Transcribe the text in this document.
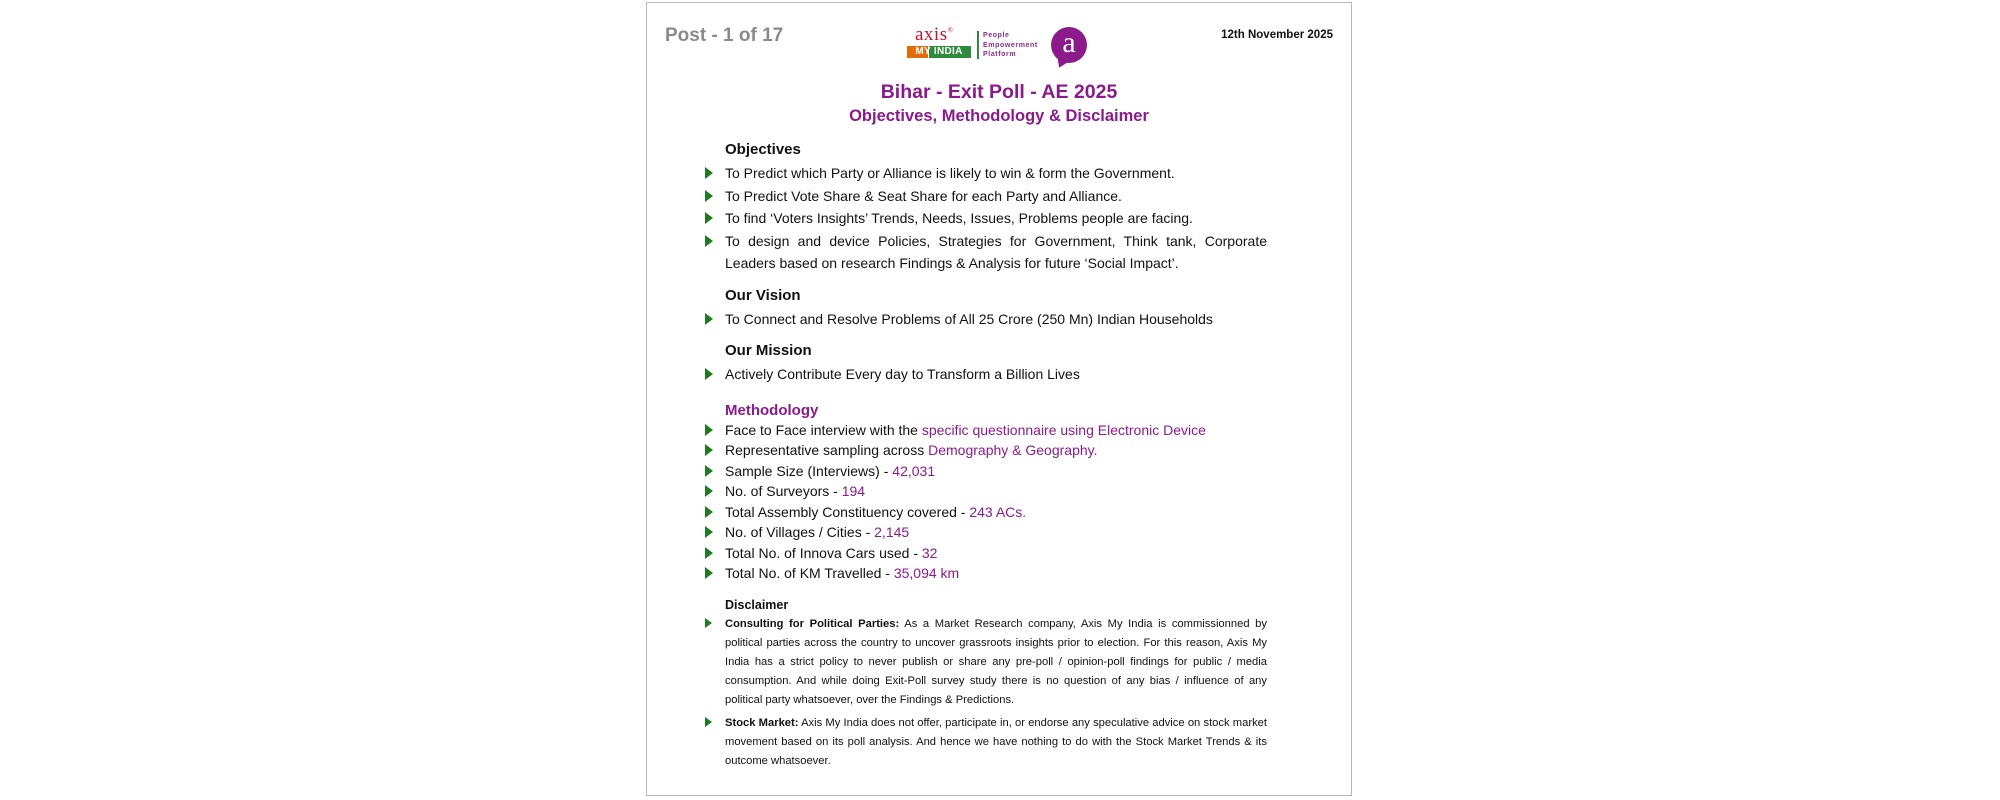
Post - 1 of 17	axis®
MY INDIA
People
Empowerment
Platform	a	12th November 2025
Bihar - Exit Poll - AE 2025
Objectives, Methodology & Disclaimer
Objectives
To Predict which Party or Alliance is likely to win & form the Government.
To Predict Vote Share & Seat Share for each Party and Alliance.
To find ‘Voters Insights’ Trends, Needs, Issues, Problems people are facing.
To design and device Policies, Strategies for Government, Think tank, Corporate Leaders based on research Findings & Analysis for future ‘Social Impact’.
Our Vision
To Connect and Resolve Problems of All 25 Crore (250 Mn) Indian Households
Our Mission
Actively Contribute Every day to Transform a Billion Lives
Methodology
Face to Face interview with the specific questionnaire using Electronic Device
Representative sampling across Demography & Geography.
Sample Size (Interviews) - 42,031
No. of Surveyors - 194
Total Assembly Constituency covered - 243 ACs.
No. of Villages / Cities - 2,145
Total No. of Innova Cars used - 32
Total No. of KM Travelled - 35,094 km
Disclaimer
Consulting for Political Parties: As a Market Research company, Axis My India is commissionned by political parties across the country to uncover grassroots insights prior to election. For this reason, Axis My India has a strict policy to never publish or share any pre-poll / opinion-poll findings for public / media consumption. And while doing Exit-Poll survey study there is no question of any bias / influence of any political party whatsoever, over the Findings & Predictions.
Stock Market: Axis My India does not offer, participate in, or endorse any speculative advice on stock market movement based on its poll analysis. And hence we have nothing to do with the Stock Market Trends & its outcome whatsoever.
